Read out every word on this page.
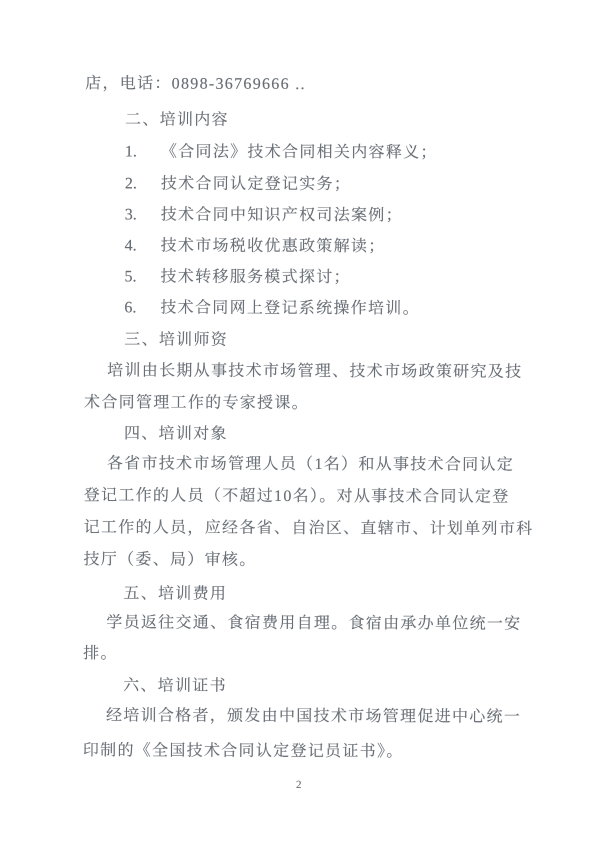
店，电话：0898-36769666 ..
二、培训内容
1. 《合同法》技术合同相关内容释义；
2. 技术合同认定登记实务；
3. 技术合同中知识产权司法案例；
4. 技术市场税收优惠政策解读；
5. 技术转移服务模式探讨；
6. 技术合同网上登记系统操作培训。
三、培训师资
培训由长期从事技术市场管理、技术市场政策研究及技
术合同管理工作的专家授课。
四、培训对象
各省市技术市场管理人员（1名）和从事技术合同认定
登记工作的人员（不超过10名）。对从事技术合同认定登
记工作的人员，应经各省、自治区、直辖市、计划单列市科
技厅（委、局）审核。
五、培训费用
学员返往交通、食宿费用自理。食宿由承办单位统一安
排。
六、培训证书
经培训合格者，颁发由中国技术市场管理促进中心统一
印制的《全国技术合同认定登记员证书》。
2
